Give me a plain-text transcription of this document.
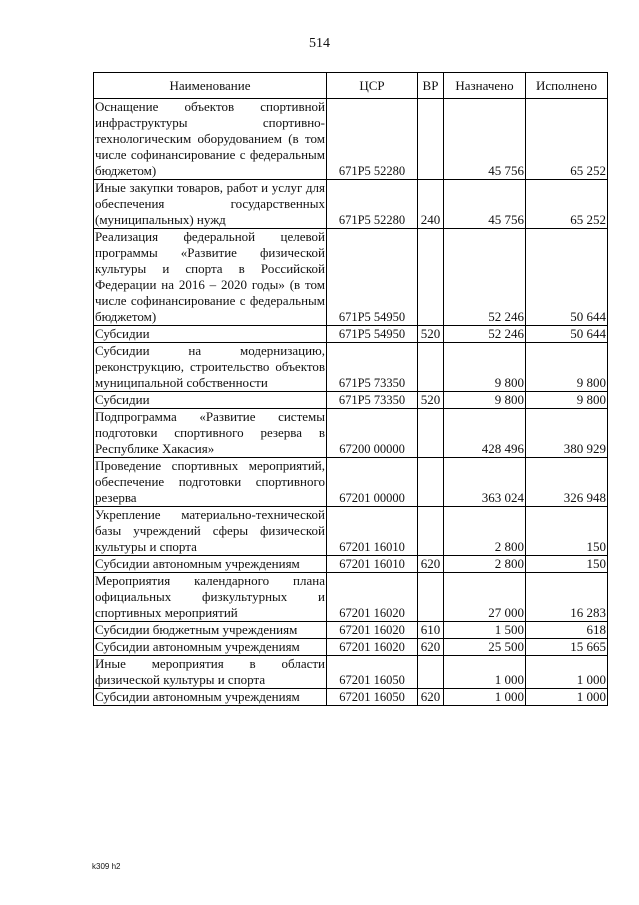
514
Наименование	ЦСР	ВР	Назначено	Исполнено
Оснащение объектов спортивной инфраструктуры спортивно-технологическим оборудованием (в том числе софинансирование с федеральным бюджетом)	671P5 52280		45 756	65 252
Иные закупки товаров, работ и услуг для обеспечения государственных (муниципальных) нужд	671P5 52280	240	45 756	65 252
Реализация федеральной целевой программы «Развитие физической культуры и спорта в Российской Федерации на 2016 – 2020 годы» (в том числе софинансирование с федеральным бюджетом)	671P5 54950		52 246	50 644
Субсидии	671P5 54950	520	52 246	50 644
Субсидии на модернизацию, реконструкцию, строительство объектов муниципальной собственности	671P5 73350		9 800	9 800
Субсидии	671P5 73350	520	9 800	9 800
Подпрограмма «Развитие системы подготовки спортивного резерва в Республике Хакасия»	67200 00000		428 496	380 929
Проведение спортивных мероприятий, обеспечение подготовки спортивного резерва	67201 00000		363 024	326 948
Укрепление материально-технической базы учреждений сферы физической культуры и спорта	67201 16010		2 800	150
Субсидии автономным учреждениям	67201 16010	620	2 800	150
Мероприятия календарного плана официальных физкультурных и спортивных мероприятий	67201 16020		27 000	16 283
Субсидии бюджетным учреждениям	67201 16020	610	1 500	618
Субсидии автономным учреждениям	67201 16020	620	25 500	15 665
Иные мероприятия в области физической культуры и спорта	67201 16050		1 000	1 000
Субсидии автономным учреждениям	67201 16050	620	1 000	1 000
k309 h2
